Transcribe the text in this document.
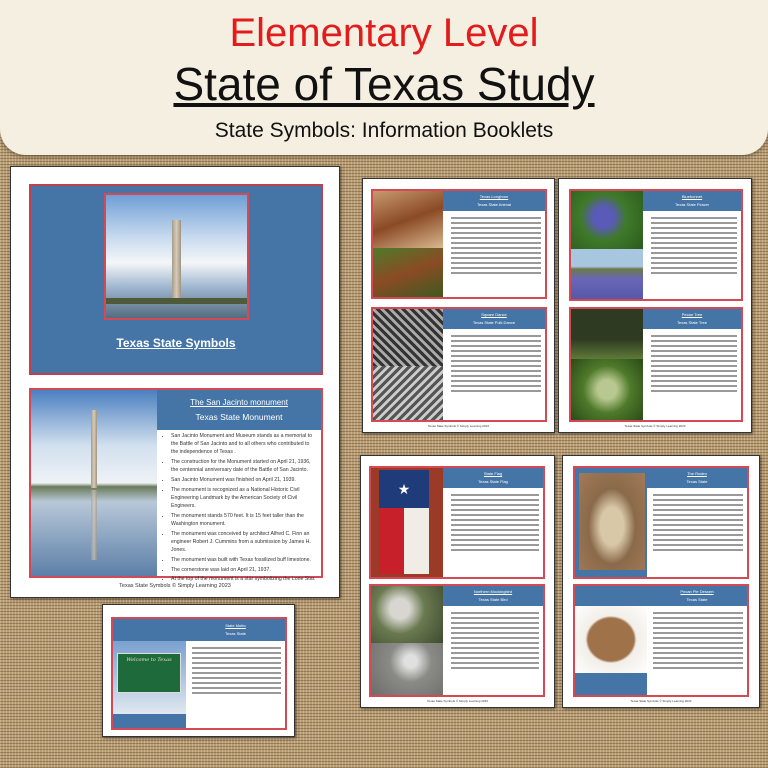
Elementary Level
State of Texas Study
State Symbols: Information Booklets
Texas State Symbols
The San Jacinto monument
Texas State Monument
• San Jacinto Monument and Museum stands as a memorial to the Battle of San Jacinto and to all others who contributed to the independence of Texas .
• The construction for the Monument started on April 21, 1936, the centennial anniversary date of the Battle of San Jacinto.
• San Jacinto Monument was finished on April 21, 1939.
• The monument is recognized as a National Historic Civil Engineering Landmark by the American Society of Civil Engineers.
• The monument stands 570 feet. It is 15 feet taller than the Washington monument.
• The monument was conceived by architect Alfred C. Finn an engineer Robert J. Cummins from a submission by James H. Jones.
• The monument was built with Texas fossilized buff limestone.
• The cornerstone was laid on April 21, 1937.
• At the top of the monument is a star symbolizing the Lone Star.
Texas State Symbols © Simply Learning 2023
Texas Longhorn
Texas State Animal
Square Dance
Texas State Folk Dance
Texas State Symbols © Simply Learning 2023
Bluebonnet
Texas State Flower
Pecan Tree
Texas State Tree
Texas State Symbols © Simply Learning 2023
★
State Flag
Texas State Flag
Northern Mockingbird
Texas State Bird
Texas State Symbols © Simply Learning 2023
The Rodeo
Texas State
Pecan Pie Dessert
Texas State
Texas State Symbols © Simply Learning 2023
Welcome to Texas
State Motto
Texas State
